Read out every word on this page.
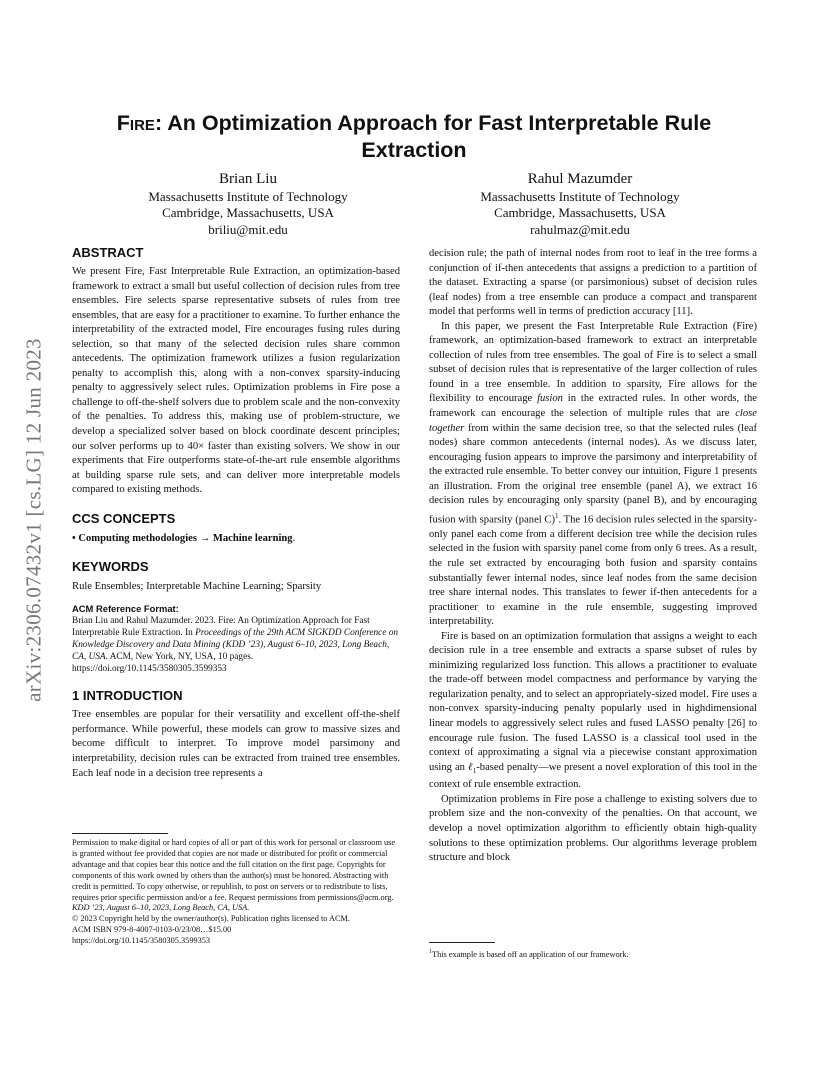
arXiv:2306.07432v1 [cs.LG] 12 Jun 2023
Fire: An Optimization Approach for Fast Interpretable Rule Extraction
Brian Liu
Massachusetts Institute of Technology
Cambridge, Massachusetts, USA
briliu@mit.edu
Rahul Mazumder
Massachusetts Institute of Technology
Cambridge, Massachusetts, USA
rahulmaz@mit.edu
ABSTRACT

We present Fire, Fast Interpretable Rule Extraction, an optimization-based framework to extract a small but useful collection of decision rules from tree ensembles. Fire selects sparse representative subsets of rules from tree ensembles, that are easy for a practitioner to examine. To further enhance the interpretability of the extracted model, Fire encourages fusing rules during selection, so that many of the selected decision rules share common antecedents. The optimization framework utilizes a fusion regularization penalty to accomplish this, along with a non-convex sparsity-inducing penalty to aggressively select rules. Optimization problems in Fire pose a challenge to off-the-shelf solvers due to problem scale and the non-convexity of the penalties. To address this, making use of problem-structure, we develop a specialized solver based on block coordinate descent principles; our solver performs up to 40× faster than existing solvers. We show in our experiments that Fire outperforms state-of-the-art rule ensemble algorithms at building sparse rule sets, and can deliver more interpretable models compared to existing methods.

CCS CONCEPTS

• Computing methodologies → Machine learning.

KEYWORDS

Rule Ensembles; Interpretable Machine Learning; Sparsity

ACM Reference Format:

Brian Liu and Rahul Mazumder. 2023. Fire: An Optimization Approach for Fast Interpretable Rule Extraction. In Proceedings of the 29th ACM SIGKDD Conference on Knowledge Discovery and Data Mining (KDD ’23), August 6–10, 2023, Long Beach, CA, USA. ACM, New York, NY, USA, 10 pages. https://doi.org/10.1145/3580305.3599353

1 INTRODUCTION

Tree ensembles are popular for their versatility and excellent off-the-shelf performance. While powerful, these models can grow to massive sizes and become difficult to interpret. To improve model parsimony and interpretability, decision rules can be extracted from trained tree ensembles. Each leaf node in a decision tree represents a

Permission to make digital or hard copies of all or part of this work for personal or classroom use is granted without fee provided that copies are not made or distributed for profit or commercial advantage and that copies bear this notice and the full citation on the first page. Copyrights for components of this work owned by others than the author(s) must be honored. Abstracting with credit is permitted. To copy otherwise, or republish, to post on servers or to redistribute to lists, requires prior specific permission and/or a fee. Request permissions from permissions@acm.org.

KDD ’23, August 6–10, 2023, Long Beach, CA, USA.

© 2023 Copyright held by the owner/author(s). Publication rights licensed to ACM.

ACM ISBN 979-8-4007-0103-0/23/08…$15.00

https://doi.org/10.1145/3580305.3599353

decision rule; the path of internal nodes from root to leaf in the tree forms a conjunction of if-then antecedents that assigns a prediction to a partition of the dataset. Extracting a sparse (or parsimonious) subset of decision rules (leaf nodes) from a tree ensemble can produce a compact and transparent model that performs well in terms of prediction accuracy [11].

In this paper, we present the Fast Interpretable Rule Extraction (Fire) framework, an optimization-based framework to extract an interpretable collection of rules from tree ensembles. The goal of Fire is to select a small subset of decision rules that is representative of the larger collection of rules found in a tree ensemble. In addition to sparsity, Fire allows for the flexibility to encourage fusion in the extracted rules. In other words, the framework can encourage the selection of multiple rules that are close together from within the same decision tree, so that the selected rules (leaf nodes) share common antecedents (internal nodes). As we discuss later, encouraging fusion appears to improve the parsimony and interpretability of the extracted rule ensemble. To better convey our intuition, Figure 1 presents an illustration. From the original tree ensemble (panel A), we extract 16 decision rules by encouraging only sparsity (panel B), and by encouraging fusion with sparsity (panel C)$^1$. The 16 decision rules selected in the sparsity-only panel each come from a different decision tree while the decision rules selected in the fusion with sparsity panel come from only 6 trees. As a result, the rule set extracted by encouraging both fusion and sparsity contains substantially fewer internal nodes, since leaf nodes from the same decision tree share internal nodes. This translates to fewer if-then antecedents for a practitioner to examine in the rule ensemble, suggesting improved interpretability.

Fire is based on an optimization formulation that assigns a weight to each decision rule in a tree ensemble and extracts a sparse subset of rules by minimizing regularized loss function. This allows a practitioner to evaluate the trade-off between model compactness and performance by varying the regularization penalty, and to select an appropriately-sized model. Fire uses a non-convex sparsity-inducing penalty popularly used in highdimensional linear models to aggressively select rules and fused LASSO penalty [26] to encourage rule fusion. The fused LASSO is a classical tool used in the context of approximating a signal via a piecewise constant approximation using an ℓ$_1$-based penalty—we present a novel exploration of this tool in the context of rule ensemble extraction.

Optimization problems in Fire pose a challenge to existing solvers due to problem size and the non-convexity of the penalties. On that account, we develop a novel optimization algorithm to efficiently obtain high-quality solutions to these optimization problems. Our algorithms leverage problem structure and block

$^1$This example is based off an application of our framework.
